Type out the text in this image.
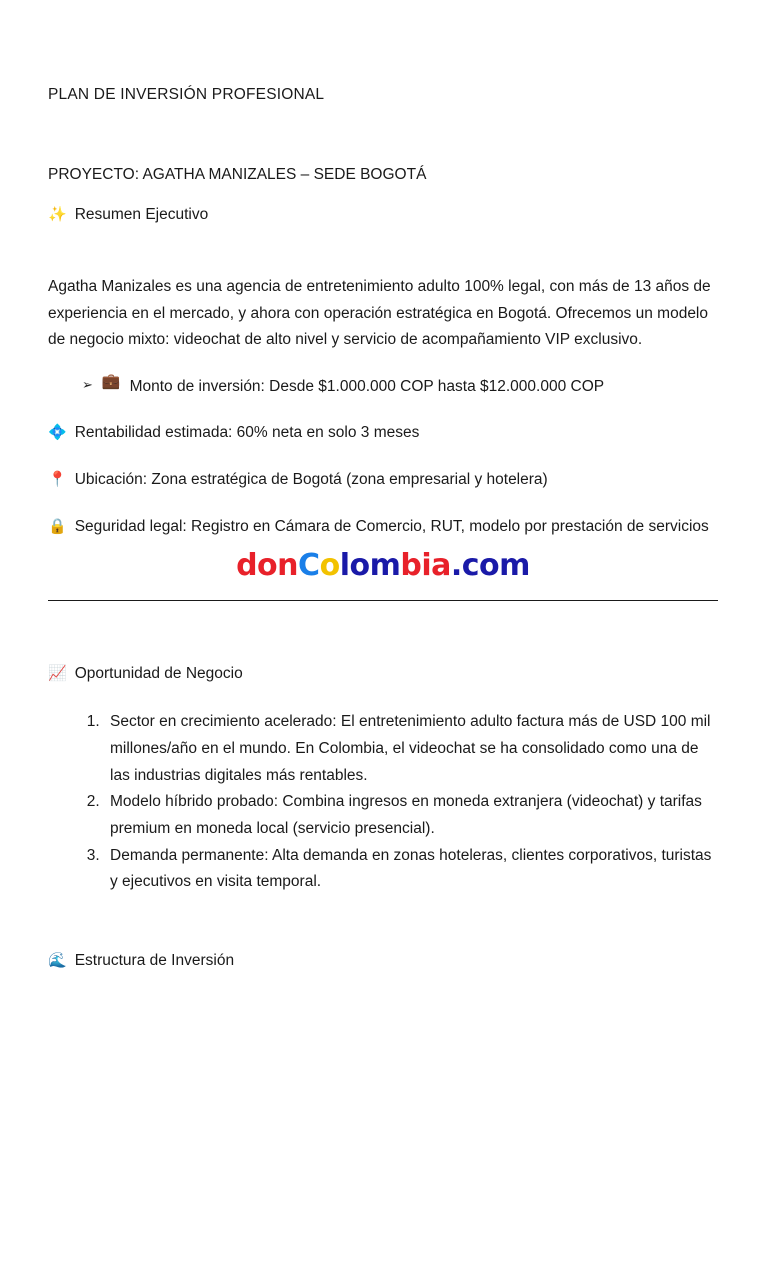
PLAN DE INVERSIÓN PROFESIONAL

PROYECTO: AGATHA MANIZALES – SEDE BOGOTÁ

✨ Resumen Ejecutivo

Agatha Manizales es una agencia de entretenimiento adulto 100% legal, con más de 13 años de experiencia en el mercado, y ahora con operación estratégica en Bogotá. Ofrecemos un modelo de negocio mixto: videochat de alto nivel y servicio de acompañamiento VIP exclusivo.

➢ 💼 Monto de inversión: Desde $1.000.000 COP hasta $12.000.000 COP
💠 Rentabilidad estimada: 60% neta en solo 3 meses
📍 Ubicación: Zona estratégica de Bogotá (zona empresarial y hotelera)
🔒 Seguridad legal: Registro en Cámara de Comercio, RUT, modelo por prestación de servicios
donColombia.com
📈 Oportunidad de Negocio
1. Sector en crecimiento acelerado: El entretenimiento adulto factura más de USD 100 mil millones/año en el mundo. En Colombia, el videochat se ha consolidado como una de las industrias digitales más rentables.
2. Modelo híbrido probado: Combina ingresos en moneda extranjera (videochat) y tarifas premium en moneda local (servicio presencial).
3. Demanda permanente: Alta demanda en zonas hoteleras, clientes corporativos, turistas y ejecutivos en visita temporal.
🌊 Estructura de Inversión
